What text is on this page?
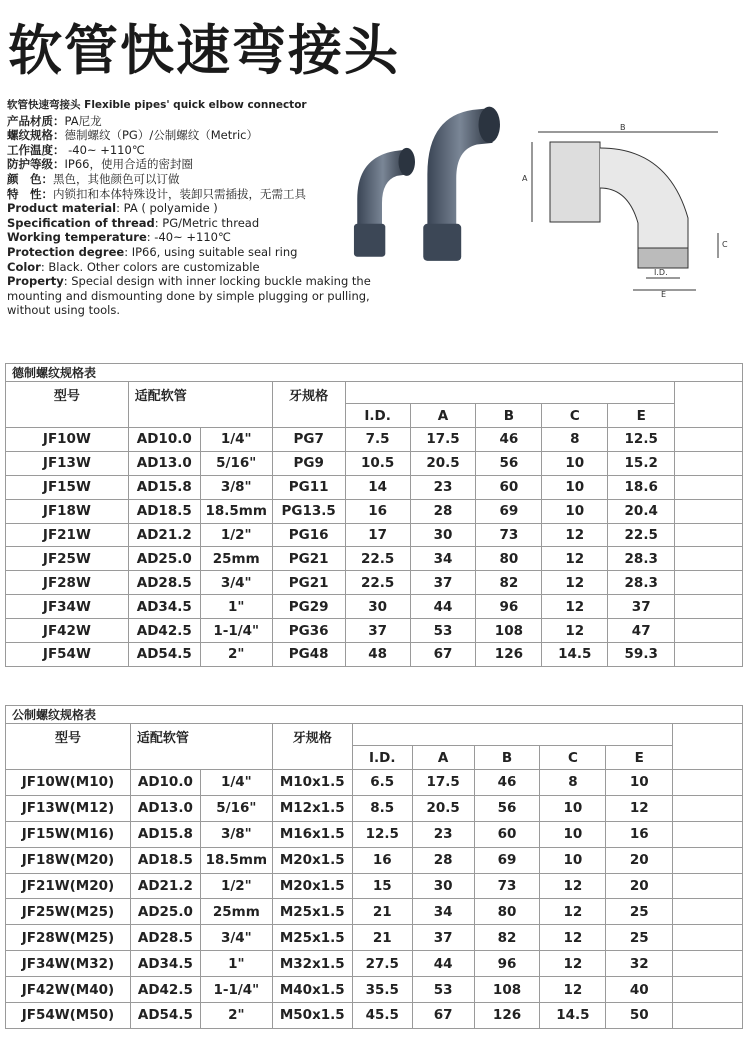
软管快速弯接头
软管快速弯接头 Flexible pipes' quick elbow connector
产品材质：PA尼龙
螺纹规格：德制螺纹（PG）/公制螺纹（Metric）
工作温度： -40~ +110℃
防护等级：IP66，使用合适的密封圈
颜　色：黑色，其他颜色可以订做
特　性：内锁扣和本体特殊设计，装卸只需插拔，无需工具
Product material: PA ( polyamide )
Specification of thread: PG/Metric thread
Working temperature: -40~ +110℃
Protection degree: IP66, using suitable seal ring
Color: Black. Other colors are customizable
Property: Special design with inner locking buckle making the mounting and dismounting done by simple plugging or pulling, without using tools.
B
A
C
I.D.
E
德制螺纹规格表									
型号	适配软管		牙规格						
				I.D.	A	B	C	E	
JF10W	AD10.0	1/4"	PG7	7.5	17.5	46	8	12.5	
JF13W	AD13.0	5/16"	PG9	10.5	20.5	56	10	15.2	
JF15W	AD15.8	3/8"	PG11	14	23	60	10	18.6	
JF18W	AD18.5	18.5mm	PG13.5	16	28	69	10	20.4	
JF21W	AD21.2	1/2"	PG16	17	30	73	12	22.5	
JF25W	AD25.0	25mm	PG21	22.5	34	80	12	28.3	
JF28W	AD28.5	3/4"	PG21	22.5	37	82	12	28.3	
JF34W	AD34.5	1"	PG29	30	44	96	12	37	
JF42W	AD42.5	1-1/4"	PG36	37	53	108	12	47	
JF54W	AD54.5	2"	PG48	48	67	126	14.5	59.3	
公制螺纹规格表									
型号	适配软管		牙规格						
				I.D.	A	B	C	E	
JF10W(M10)	AD10.0	1/4"	M10x1.5	6.5	17.5	46	8	10	
JF13W(M12)	AD13.0	5/16"	M12x1.5	8.5	20.5	56	10	12	
JF15W(M16)	AD15.8	3/8"	M16x1.5	12.5	23	60	10	16	
JF18W(M20)	AD18.5	18.5mm	M20x1.5	16	28	69	10	20	
JF21W(M20)	AD21.2	1/2"	M20x1.5	15	30	73	12	20	
JF25W(M25)	AD25.0	25mm	M25x1.5	21	34	80	12	25	
JF28W(M25)	AD28.5	3/4"	M25x1.5	21	37	82	12	25	
JF34W(M32)	AD34.5	1"	M32x1.5	27.5	44	96	12	32	
JF42W(M40)	AD42.5	1-1/4"	M40x1.5	35.5	53	108	12	40	
JF54W(M50)	AD54.5	2"	M50x1.5	45.5	67	126	14.5	50	
